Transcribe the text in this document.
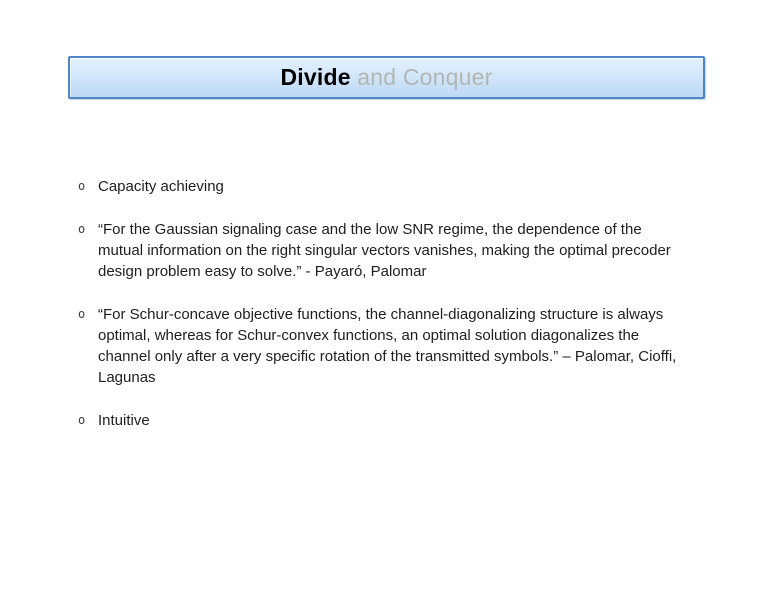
Divide and Conquer
o Capacity achieving
o “For the Gaussian signaling case and the low SNR regime, the dependence of the mutual information on the right singular vectors vanishes, making the optimal precoder design problem easy to solve.” - Payaró, Palomar
o “For Schur-concave objective functions, the channel-diagonalizing structure is always optimal, whereas for Schur-convex functions, an optimal solution diagonalizes the channel only after a very specific rotation of the transmitted symbols.” – Palomar, Cioffi, Lagunas
o Intuitive
